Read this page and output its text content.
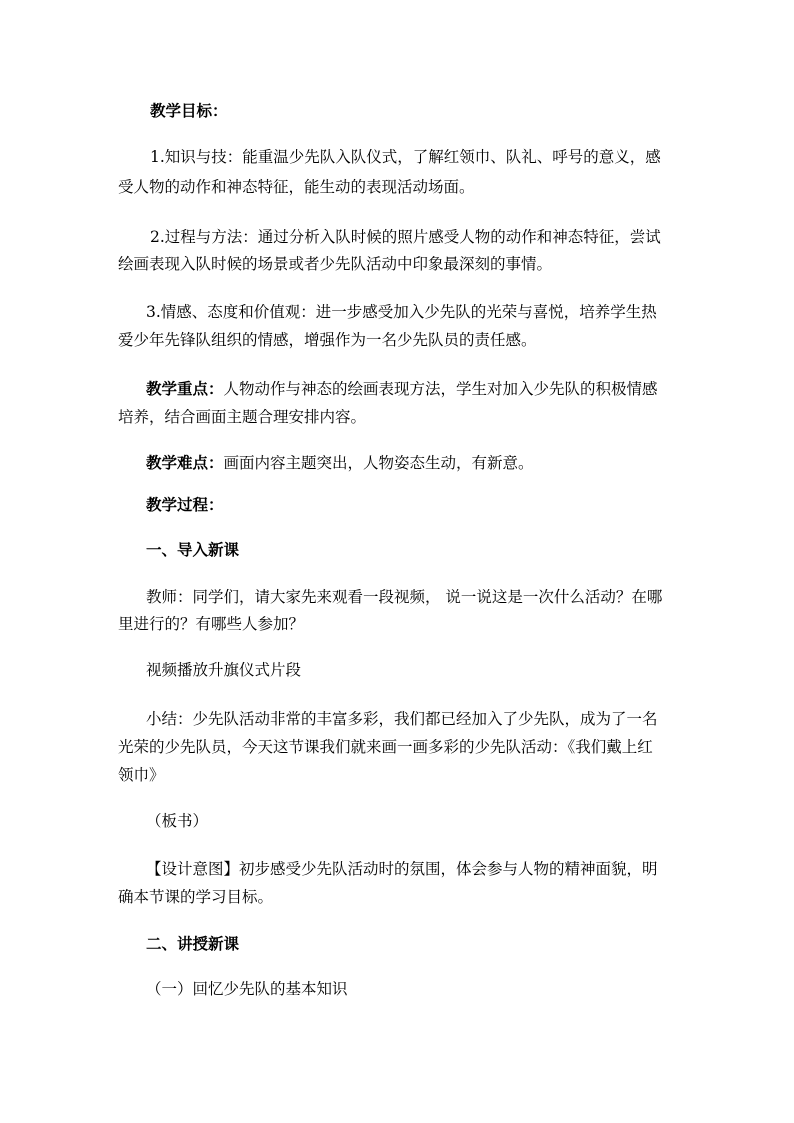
教学目标：

1.知识与技：能重温少先队入队仪式，了解红领巾、队礼、呼号的意义，感

受人物的动作和神态特征，能生动的表现活动场面。

2.过程与方法：通过分析入队时候的照片感受人物的动作和神态特征，尝试

绘画表现入队时候的场景或者少先队活动中印象最深刻的事情。

3.情感、态度和价值观：进一步感受加入少先队的光荣与喜悦，培养学生热

爱少年先锋队组织的情感，增强作为一名少先队员的责任感。

教学重点：人物动作与神态的绘画表现方法，学生对加入少先队的积极情感

培养，结合画面主题合理安排内容。

教学难点：画面内容主题突出，人物姿态生动，有新意。

教学过程：

一、导入新课

教师：同学们，请大家先来观看一段视频， 说一说这是一次什么活动？在哪

里进行的？有哪些人参加？

视频播放升旗仪式片段

小结：少先队活动非常的丰富多彩，我们都已经加入了少先队，成为了一名

光荣的少先队员，今天这节课我们就来画一画多彩的少先队活动：《我们戴上红

领巾》

（板书）

【设计意图】初步感受少先队活动时的氛围，体会参与人物的精神面貌，明

确本节课的学习目标。

二、讲授新课

（一）回忆少先队的基本知识
